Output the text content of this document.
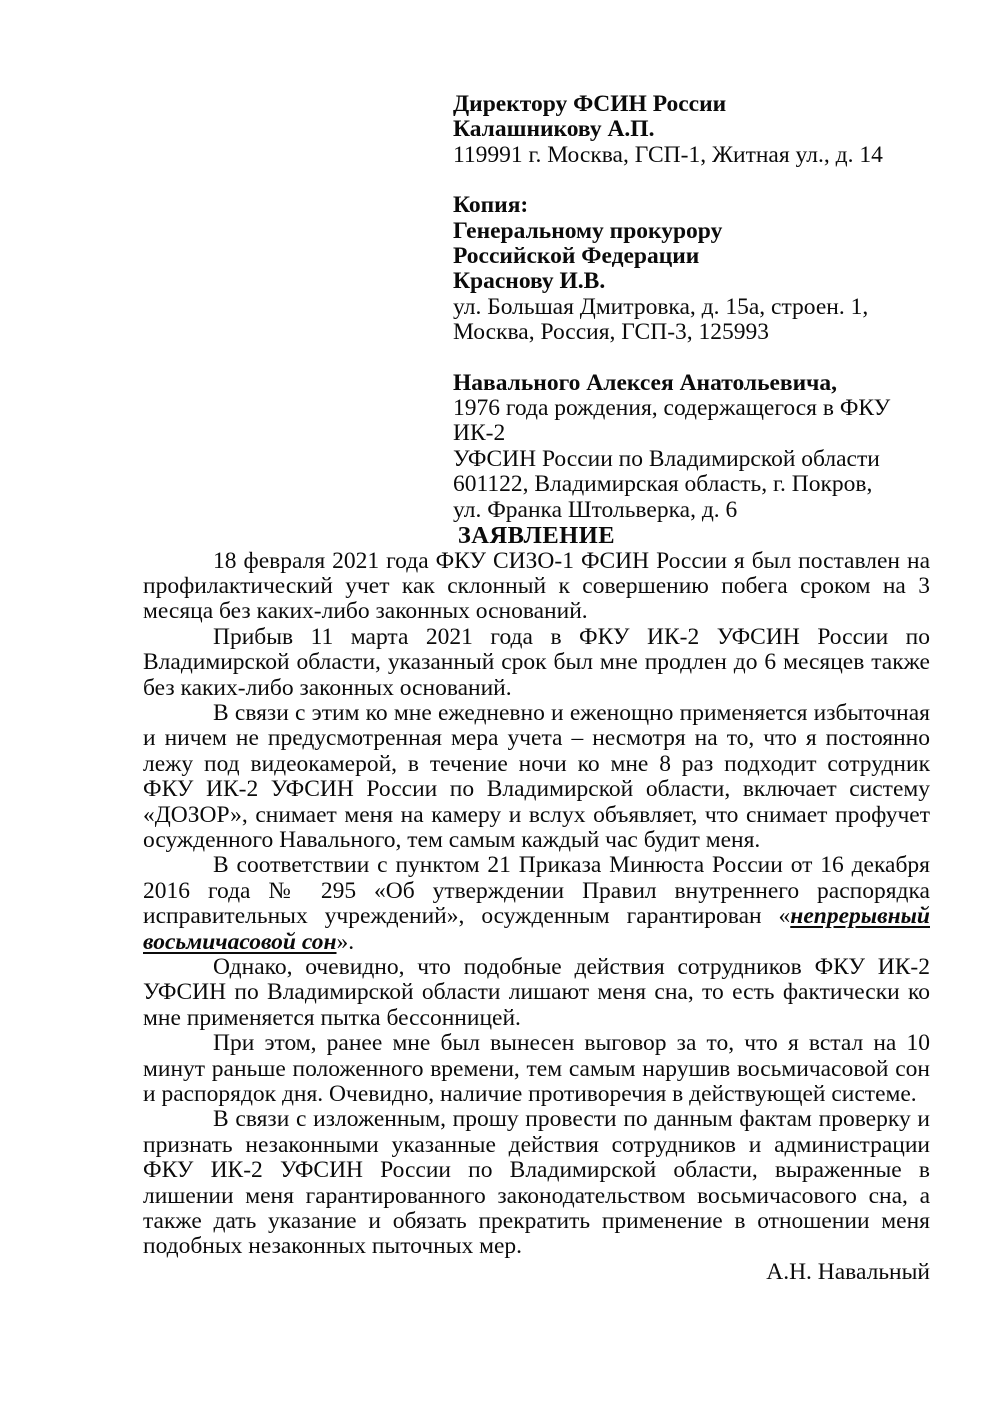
Директору ФСИН России

Калашникову А.П.

119991 г. Москва, ГСП-1, Житная ул., д. 14

Копия:

Генеральному прокурору

Российской Федерации

Краснову И.В.

ул. Большая Дмитровка, д. 15а, строен. 1,

Москва, Россия, ГСП-3, 125993

Навального Алексея Анатольевича,

1976 года рождения, содержащегося в ФКУ ИК-2

УФСИН России по Владимирской области

601122, Владимирская область, г. Покров,

ул. Франка Штольверка, д. 6

ЗАЯВЛЕНИЕ

18 февраля 2021 года ФКУ СИЗО-1 ФСИН России я был поставлен на профилактический учет как склонный к совершению побега сроком на 3 месяца без каких-либо законных оснований.

Прибыв 11 марта 2021 года в ФКУ ИК-2 УФСИН России по Владимирской области, указанный срок был мне продлен до 6 месяцев также без каких-либо законных оснований.

В связи с этим ко мне ежедневно и еженощно применяется избыточная и ничем не предусмотренная мера учета – несмотря на то, что я постоянно лежу под видеокамерой, в течение ночи ко мне 8 раз подходит сотрудник ФКУ ИК-2 УФСИН России по Владимирской области, включает систему «ДОЗОР», снимает меня на камеру и вслух объявляет, что снимает профучет осужденного Навального, тем самым каждый час будит меня.

В соответствии с пунктом 21 Приказа Минюста России от 16 декабря 2016 года № 295 «Об утверждении Правил внутреннего распорядка исправительных учреждений», осужденным гарантирован «непрерывный восьмичасовой сон».

Однако, очевидно, что подобные действия сотрудников ФКУ ИК-2 УФСИН по Владимирской области лишают меня сна, то есть фактически ко мне применяется пытка бессонницей.

При этом, ранее мне был вынесен выговор за то, что я встал на 10 минут раньше положенного времени, тем самым нарушив восьмичасовой сон и распорядок дня. Очевидно, наличие противоречия в действующей системе.

В связи с изложенным, прошу провести по данным фактам проверку и признать незаконными указанные действия сотрудников и администрации ФКУ ИК-2 УФСИН России по Владимирской области, выраженные в лишении меня гарантированного законодательством восьмичасового сна, а также дать указание и обязать прекратить применение в отношении меня подобных незаконных пыточных мер.

А.Н. Навальный
